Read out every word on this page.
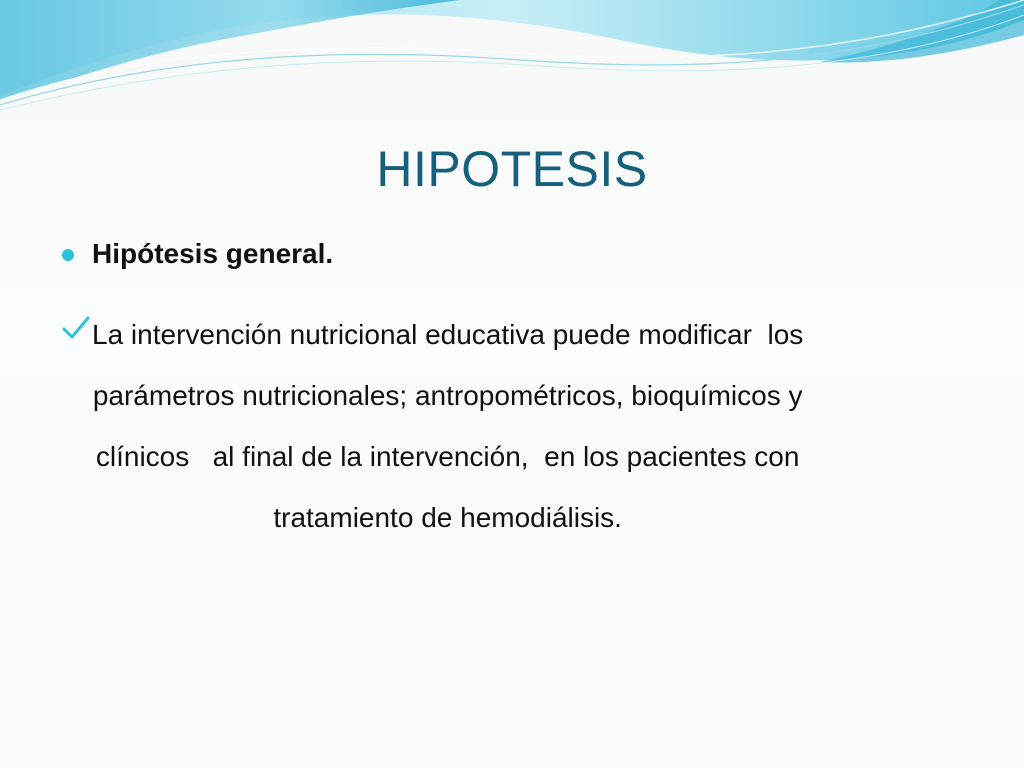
HIPOTESIS
Hipótesis general.

La intervención nutricional educativa puede modificar  los
parámetros nutricionales; antropométricos, bioquímicos y
clínicos   al final de la intervención,  en los pacientes con
tratamiento de hemodiálisis.
